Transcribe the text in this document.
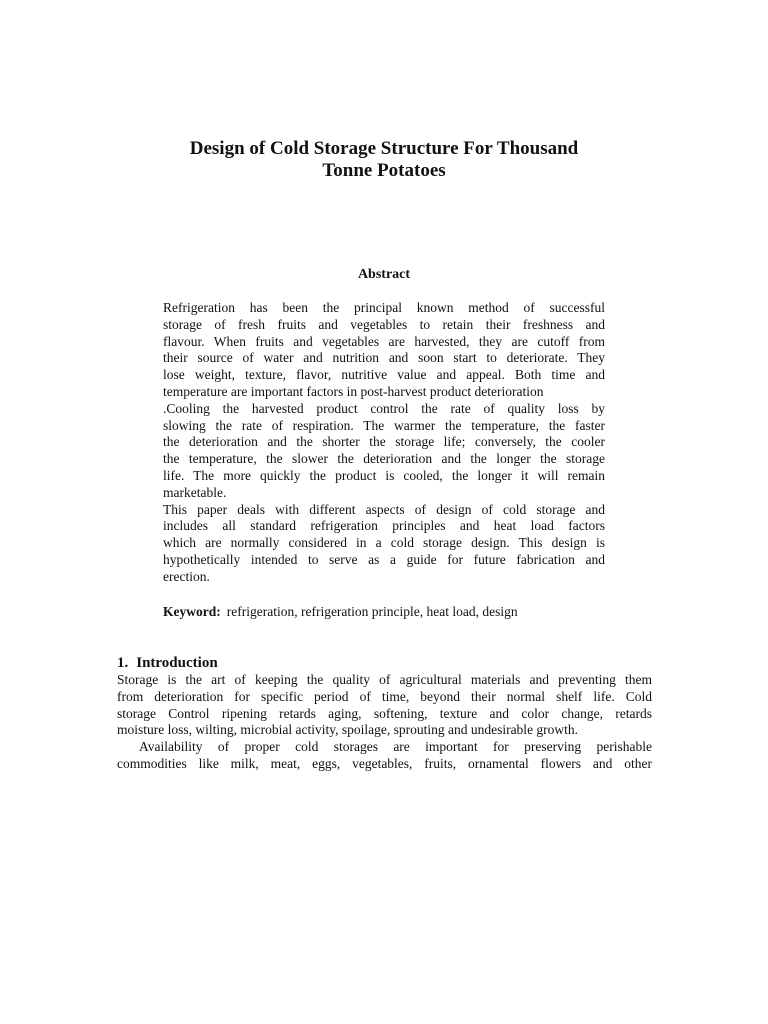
Design of Cold Storage Structure For Thousand
Tonne Potatoes
Abstract
Refrigeration has been the principal known method of successful
storage of fresh fruits and vegetables to retain their freshness and
flavour. When fruits and vegetables are harvested, they are cutoff from
their source of water and nutrition and soon start to deteriorate. They
lose weight, texture, flavor, nutritive value and appeal. Both time and
temperature are important factors in post-harvest product deterioration
.Cooling the harvested product control the rate of quality loss by
slowing the rate of respiration. The warmer the temperature, the faster
the deterioration and the shorter the storage life; conversely, the cooler
the temperature, the slower the deterioration and the longer the storage
life. The more quickly the product is cooled, the longer it will remain
marketable.
This paper deals with different aspects of design of cold storage and
includes all standard refrigeration principles and heat load factors
which are normally considered in a cold storage design. This design is
hypothetically intended to serve as a guide for future fabrication and
erection.
Keyword: refrigeration, refrigeration principle, heat load, design
1. Introduction
Storage is the art of keeping the quality of agricultural materials and preventing them
from deterioration for specific period of time, beyond their normal shelf life. Cold
storage Control ripening retards aging, softening, texture and color change, retards
moisture loss, wilting, microbial activity, spoilage, sprouting and undesirable growth.
Availability of proper cold storages are important for preserving perishable
commodities like milk, meat, eggs, vegetables, fruits, ornamental flowers and other
